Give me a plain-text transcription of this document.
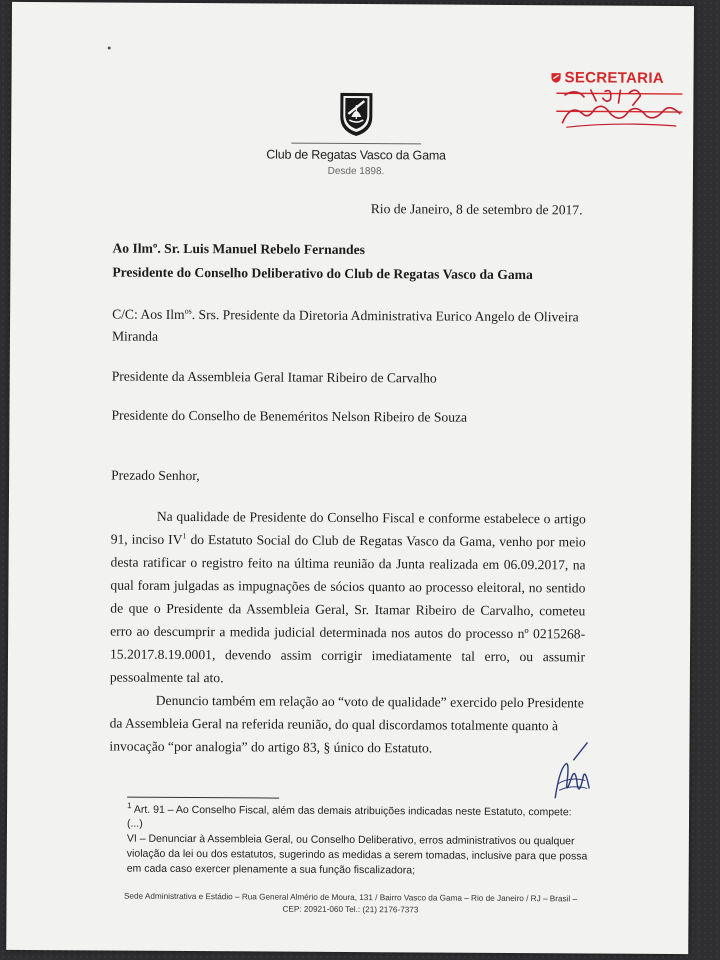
Club de Regatas Vasco da Gama
Desde 1898.
SECRETARIA
Rio de Janeiro, 8 de setembro de 2017.
Ao Ilmº. Sr. Luis Manuel Rebelo Fernandes
Presidente do Conselho Deliberativo do Club de Regatas Vasco da Gama
C/C: Aos Ilm$^{os}$. Srs. Presidente da Diretoria Administrativa Eurico Angelo de Oliveira
Miranda
Presidente da Assembleia Geral Itamar Ribeiro de Carvalho
Presidente do Conselho de Beneméritos Nelson Ribeiro de Souza
Prezado Senhor,
Na qualidade de Presidente do Conselho Fiscal e conforme estabelece o artigo
91, inciso $IV^1$ do Estatuto Social do Club de Regatas Vasco da Gama, venho por meio
desta ratificar o registro feito na última reunião da Junta realizada em 06.09.2017, na
qual foram julgadas as impugnações de sócios quanto ao processo eleitoral, no sentido
de que o Presidente da Assembleia Geral, Sr. Itamar Ribeiro de Carvalho, cometeu
erro ao descumprir a medida judicial determinada nos autos do processo nº 0215268-
15.2017.8.19.0001, devendo assim corrigir imediatamente tal erro, ou assumir
pessoalmente tal ato.
Denuncio também em relação ao “voto de qualidade” exercido pelo Presidente
da Assembleia Geral na referida reunião, do qual discordamos totalmente quanto à
invocação “por analogia” do artigo 83, § único do Estatuto.
$^1$ Art. 91 – Ao Conselho Fiscal, além das demais atribuições indicadas neste Estatuto, compete:
(...)
VI – Denunciar à Assembleia Geral, ou Conselho Deliberativo, erros administrativos ou qualquer
violação da lei ou dos estatutos, sugerindo as medidas a serem tomadas, inclusive para que possa
em cada caso exercer plenamente a sua função fiscalizadora;
Sede Administrativa e Estádio – Rua General Almério de Moura, 131 / Bairro Vasco da Gama – Rio de Janeiro / RJ – Brasil –
CEP: 20921-060 Tel.: (21) 2176-7373
